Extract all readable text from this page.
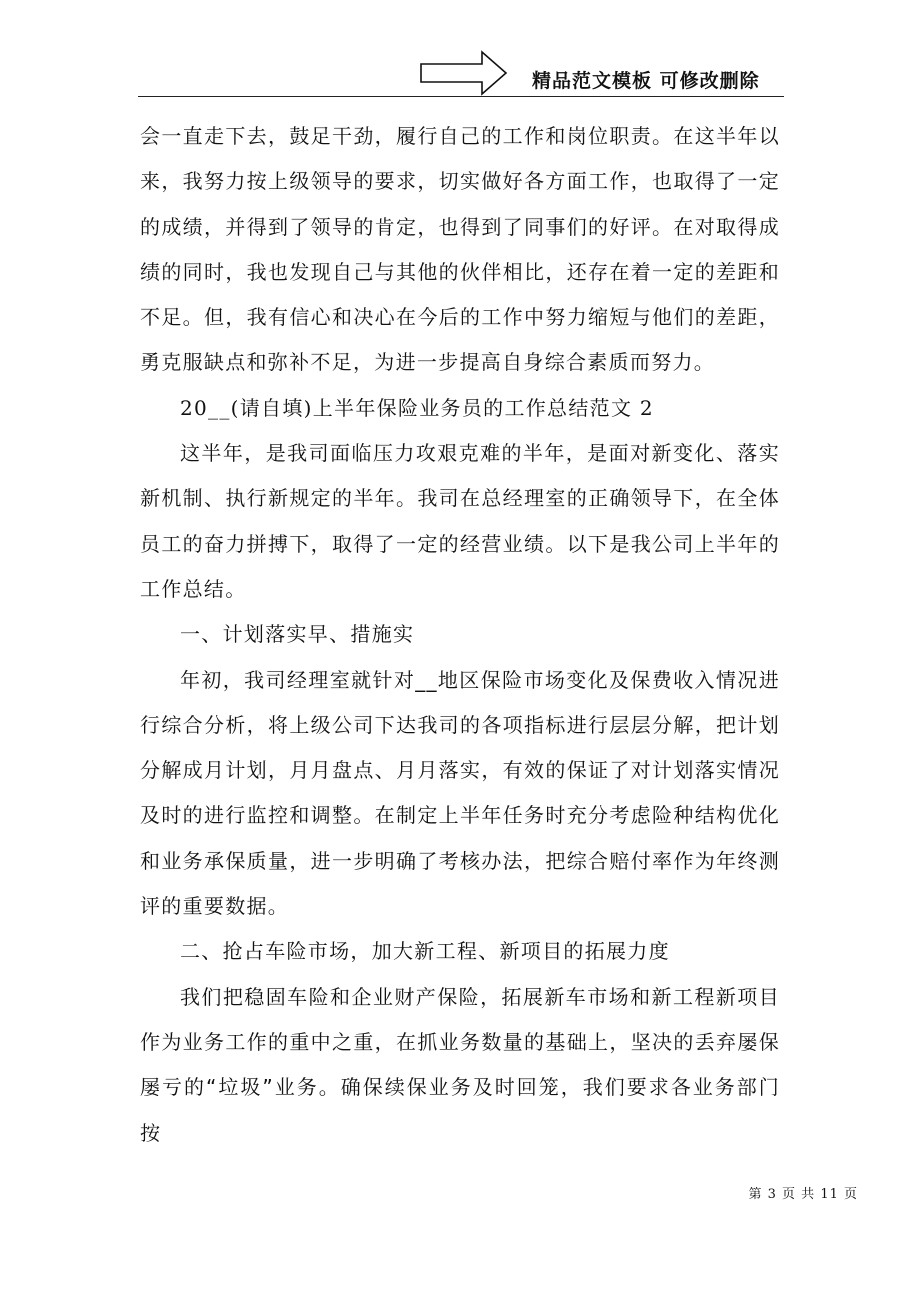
精品范文模板 可修改删除

会一直走下去，鼓足干劲，履行自己的工作和岗位职责。在这半年以来，我努力按上级领导的要求，切实做好各方面工作，也取得了一定的成绩，并得到了领导的肯定，也得到了同事们的好评。在对取得成绩的同时，我也发现自己与其他的伙伴相比，还存在着一定的差距和不足。但，我有信心和决心在今后的工作中努力缩短与他们的差距，勇克服缺点和弥补不足，为进一步提高自身综合素质而努力。

20__(请自填)上半年保险业务员的工作总结范文 2

这半年，是我司面临压力攻艰克难的半年，是面对新变化、落实新机制、执行新规定的半年。我司在总经理室的正确领导下，在全体员工的奋力拼搏下，取得了一定的经营业绩。以下是我公司上半年的工作总结。

一、计划落实早、措施实

年初，我司经理室就针对__地区保险市场变化及保费收入情况进行综合分析，将上级公司下达我司的各项指标进行层层分解，把计划分解成月计划，月月盘点、月月落实，有效的保证了对计划落实情况及时的进行监控和调整。在制定上半年任务时充分考虑险种结构优化和业务承保质量，进一步明确了考核办法，把综合赔付率作为年终测评的重要数据。

二、抢占车险市场，加大新工程、新项目的拓展力度

我们把稳固车险和企业财产保险，拓展新车市场和新工程新项目作为业务工作的重中之重，在抓业务数量的基础上，坚决的丢弃屡保屡亏的“垃圾”业务。确保续保业务及时回笼，我们要求各业务部门按

第 3 页 共 11 页
